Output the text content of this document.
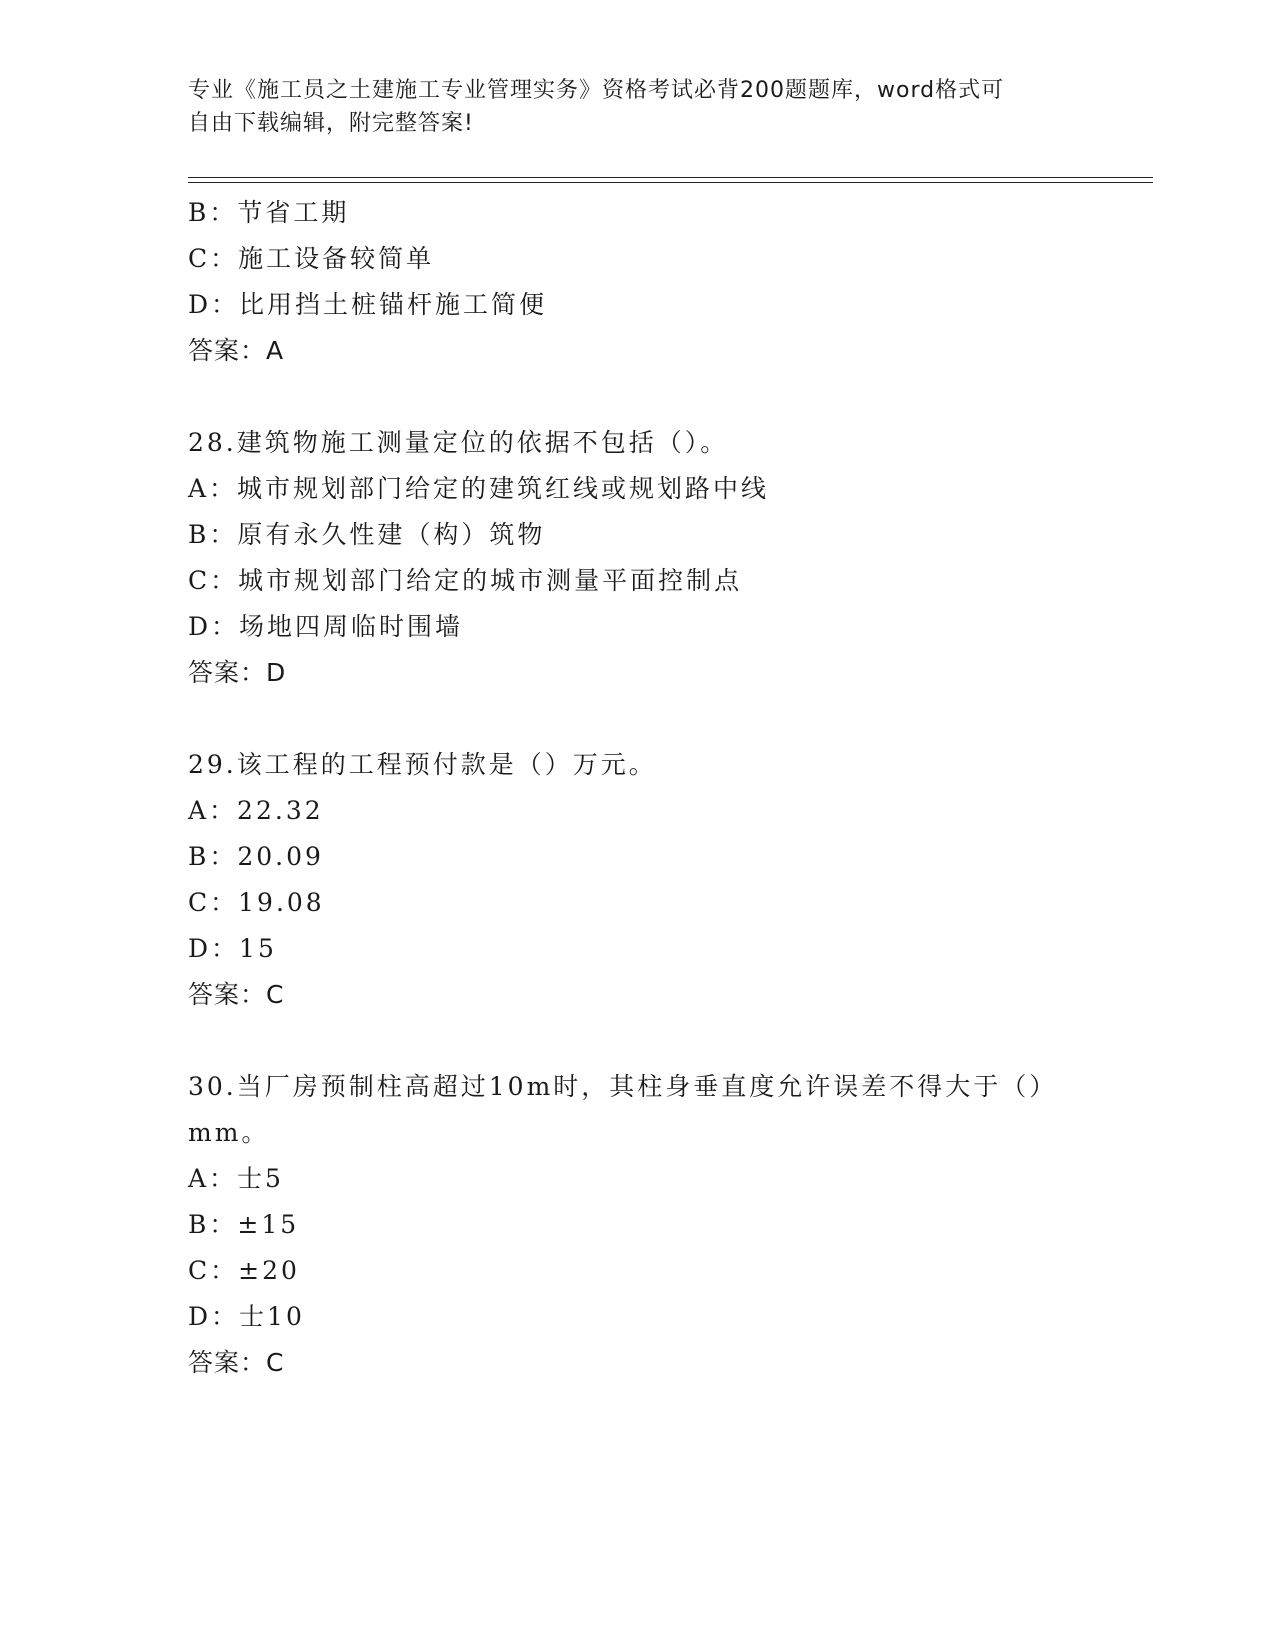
专业《施工员之土建施工专业管理实务》资格考试必背200题题库，word格式可
自由下载编辑，附完整答案!
B：节省工期
C：施工设备较简单
D：比用挡土桩锚杆施工简便
答案：A
28.建筑物施工测量定位的依据不包括（）。
A：城市规划部门给定的建筑红线或规划路中线
B：原有永久性建（构）筑物
C：城市规划部门给定的城市测量平面控制点
D：场地四周临时围墙
答案：D
29.该工程的工程预付款是（）万元。
A：22.32
B：20.09
C：19.08
D：15
答案：C
30.当厂房预制柱高超过10m时，其柱身垂直度允许误差不得大于（）
mm。
A：士5
B：±15
C：±20
D：士10
答案：C
